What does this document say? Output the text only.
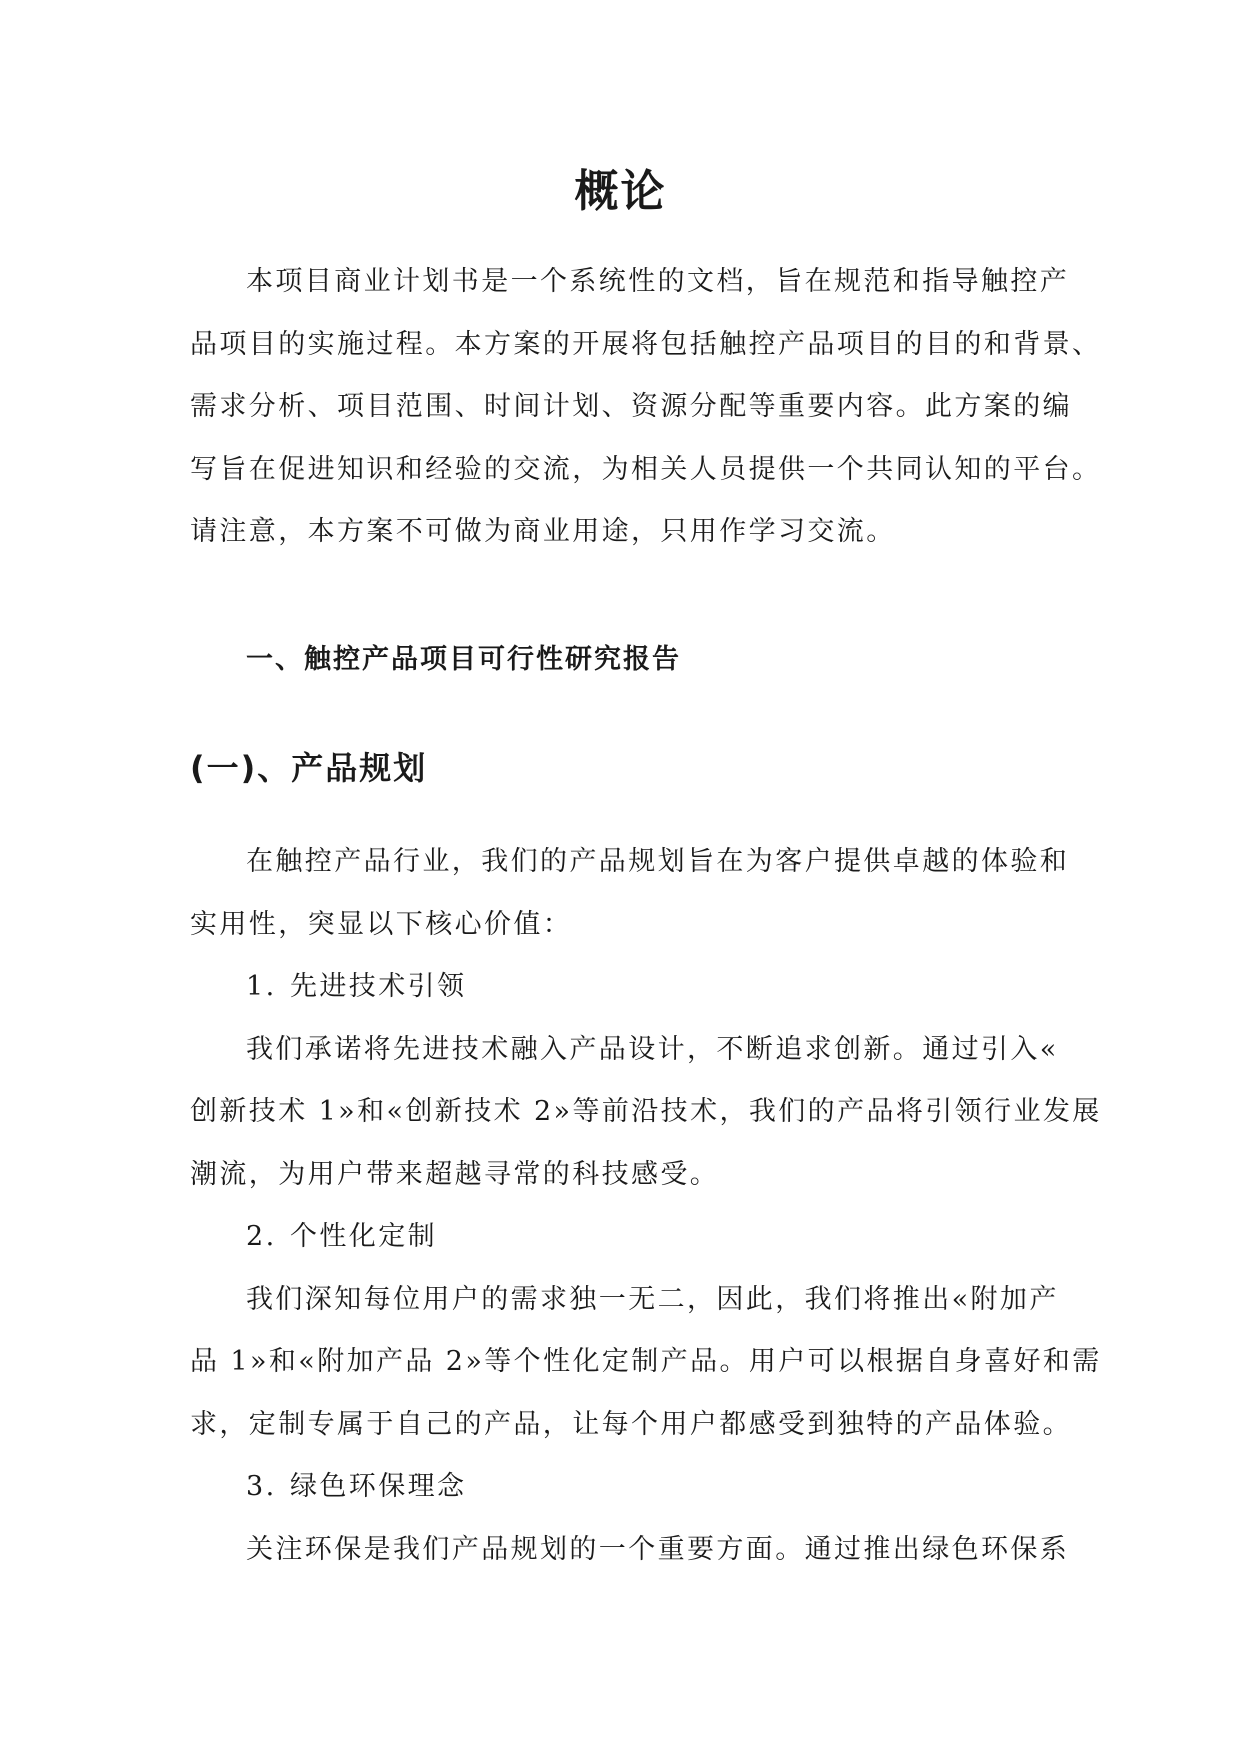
概论
本项目商业计划书是一个系统性的文档，旨在规范和指导触控产
品项目的实施过程。本方案的开展将包括触控产品项目的目的和背景、
需求分析、项目范围、时间计划、资源分配等重要内容。此方案的编
写旨在促进知识和经验的交流，为相关人员提供一个共同认知的平台。
请注意，本方案不可做为商业用途，只用作学习交流。
一、触控产品项目可行性研究报告
(一)、产品规划
在触控产品行业，我们的产品规划旨在为客户提供卓越的体验和
实用性，突显以下核心价值：
1. 先进技术引领
我们承诺将先进技术融入产品设计，不断追求创新。通过引入«
创新技术 1»和«创新技术 2»等前沿技术，我们的产品将引领行业发展
潮流，为用户带来超越寻常的科技感受。
2. 个性化定制
我们深知每位用户的需求独一无二，因此，我们将推出«附加产
品 1»和«附加产品 2»等个性化定制产品。用户可以根据自身喜好和需
求，定制专属于自己的产品，让每个用户都感受到独特的产品体验。
3. 绿色环保理念
关注环保是我们产品规划的一个重要方面。通过推出绿色环保系
